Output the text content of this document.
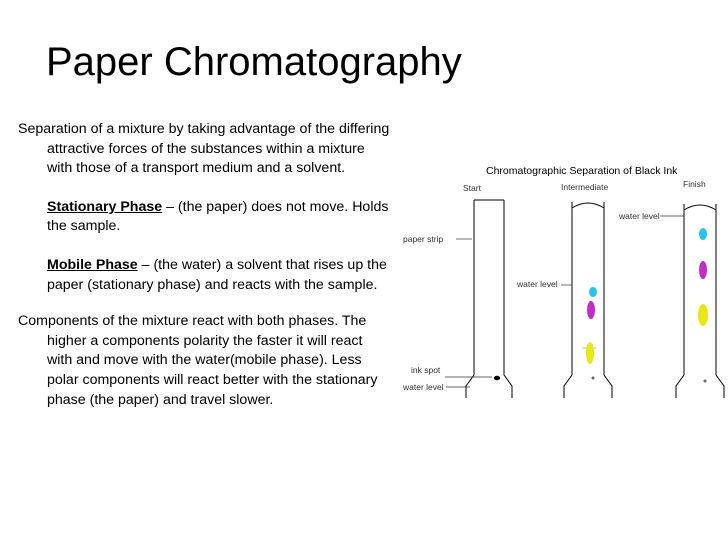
Paper Chromatography

Separation of a mixture by taking advantage of the differing attractive forces of the substances within a mixture with those of a transport medium and a solvent.

Stationary Phase – (the paper) does not move. Holds the sample.

Mobile Phase – (the water) a solvent that rises up the paper (stationary phase) and reacts with the sample.

Components of the mixture react with both phases. The higher a components polarity the faster it will react with and move with the water(mobile phase). Less polar components will react better with the stationary phase (the paper) and travel slower.

Chromatographic Separation of Black Ink
Start	Intermediate	Finish
paper strip
ink spot
water level
water level
water level
